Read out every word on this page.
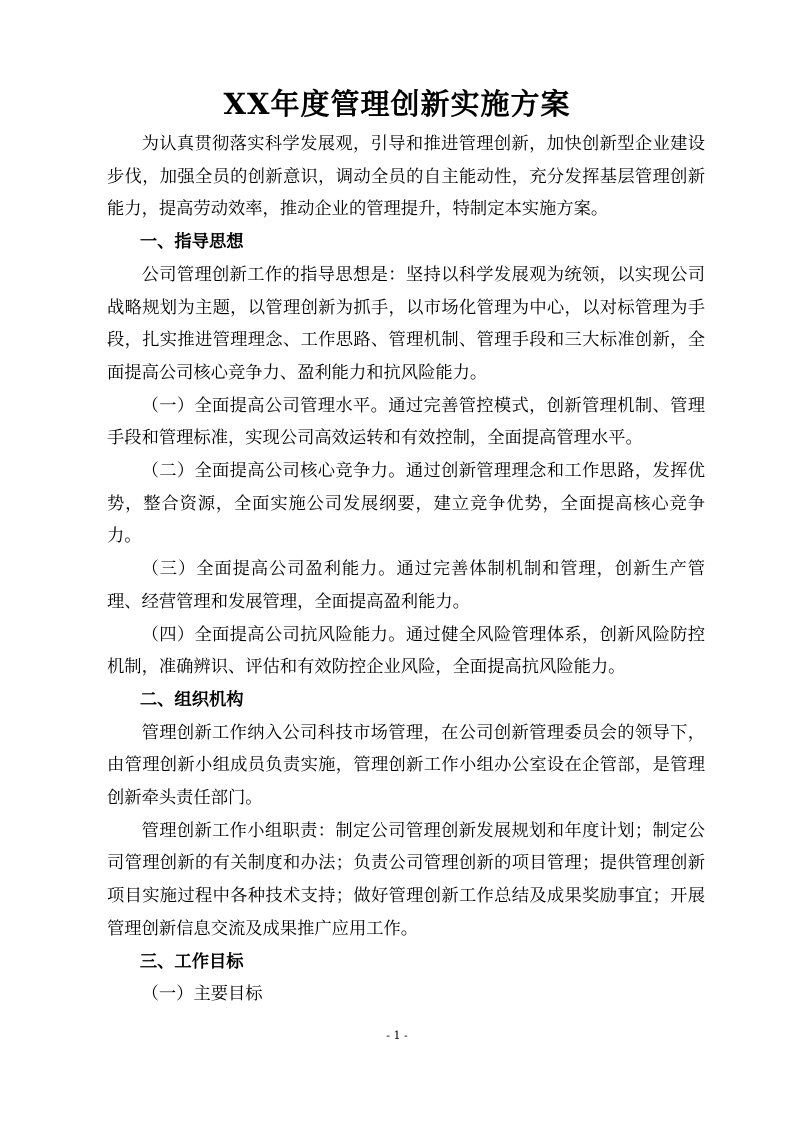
XX年度管理创新实施方案

为认真贯彻落实科学发展观，引导和推进管理创新，加快创新型企业建设步伐，加强全员的创新意识，调动全员的自主能动性，充分发挥基层管理创新能力，提高劳动效率，推动企业的管理提升，特制定本实施方案。

一、指导思想

公司管理创新工作的指导思想是：坚持以科学发展观为统领，以实现公司战略规划为主题，以管理创新为抓手，以市场化管理为中心，以对标管理为手段，扎实推进管理理念、工作思路、管理机制、管理手段和三大标准创新，全面提高公司核心竞争力、盈利能力和抗风险能力。

（一）全面提高公司管理水平。通过完善管控模式，创新管理机制、管理手段和管理标准，实现公司高效运转和有效控制，全面提高管理水平。

（二）全面提高公司核心竞争力。通过创新管理理念和工作思路，发挥优势，整合资源，全面实施公司发展纲要，建立竞争优势，全面提高核心竞争力。

（三）全面提高公司盈利能力。通过完善体制机制和管理，创新生产管理、经营管理和发展管理，全面提高盈利能力。

（四）全面提高公司抗风险能力。通过健全风险管理体系，创新风险防控机制，准确辨识、评估和有效防控企业风险，全面提高抗风险能力。

二、组织机构

管理创新工作纳入公司科技市场管理，在公司创新管理委员会的领导下，由管理创新小组成员负责实施，管理创新工作小组办公室设在企管部，是管理创新牵头责任部门。

管理创新工作小组职责：制定公司管理创新发展规划和年度计划；制定公司管理创新的有关制度和办法；负责公司管理创新的项目管理；提供管理创新项目实施过程中各种技术支持；做好管理创新工作总结及成果奖励事宜；开展管理创新信息交流及成果推广应用工作。

三、工作目标

（一）主要目标

- 1 -
